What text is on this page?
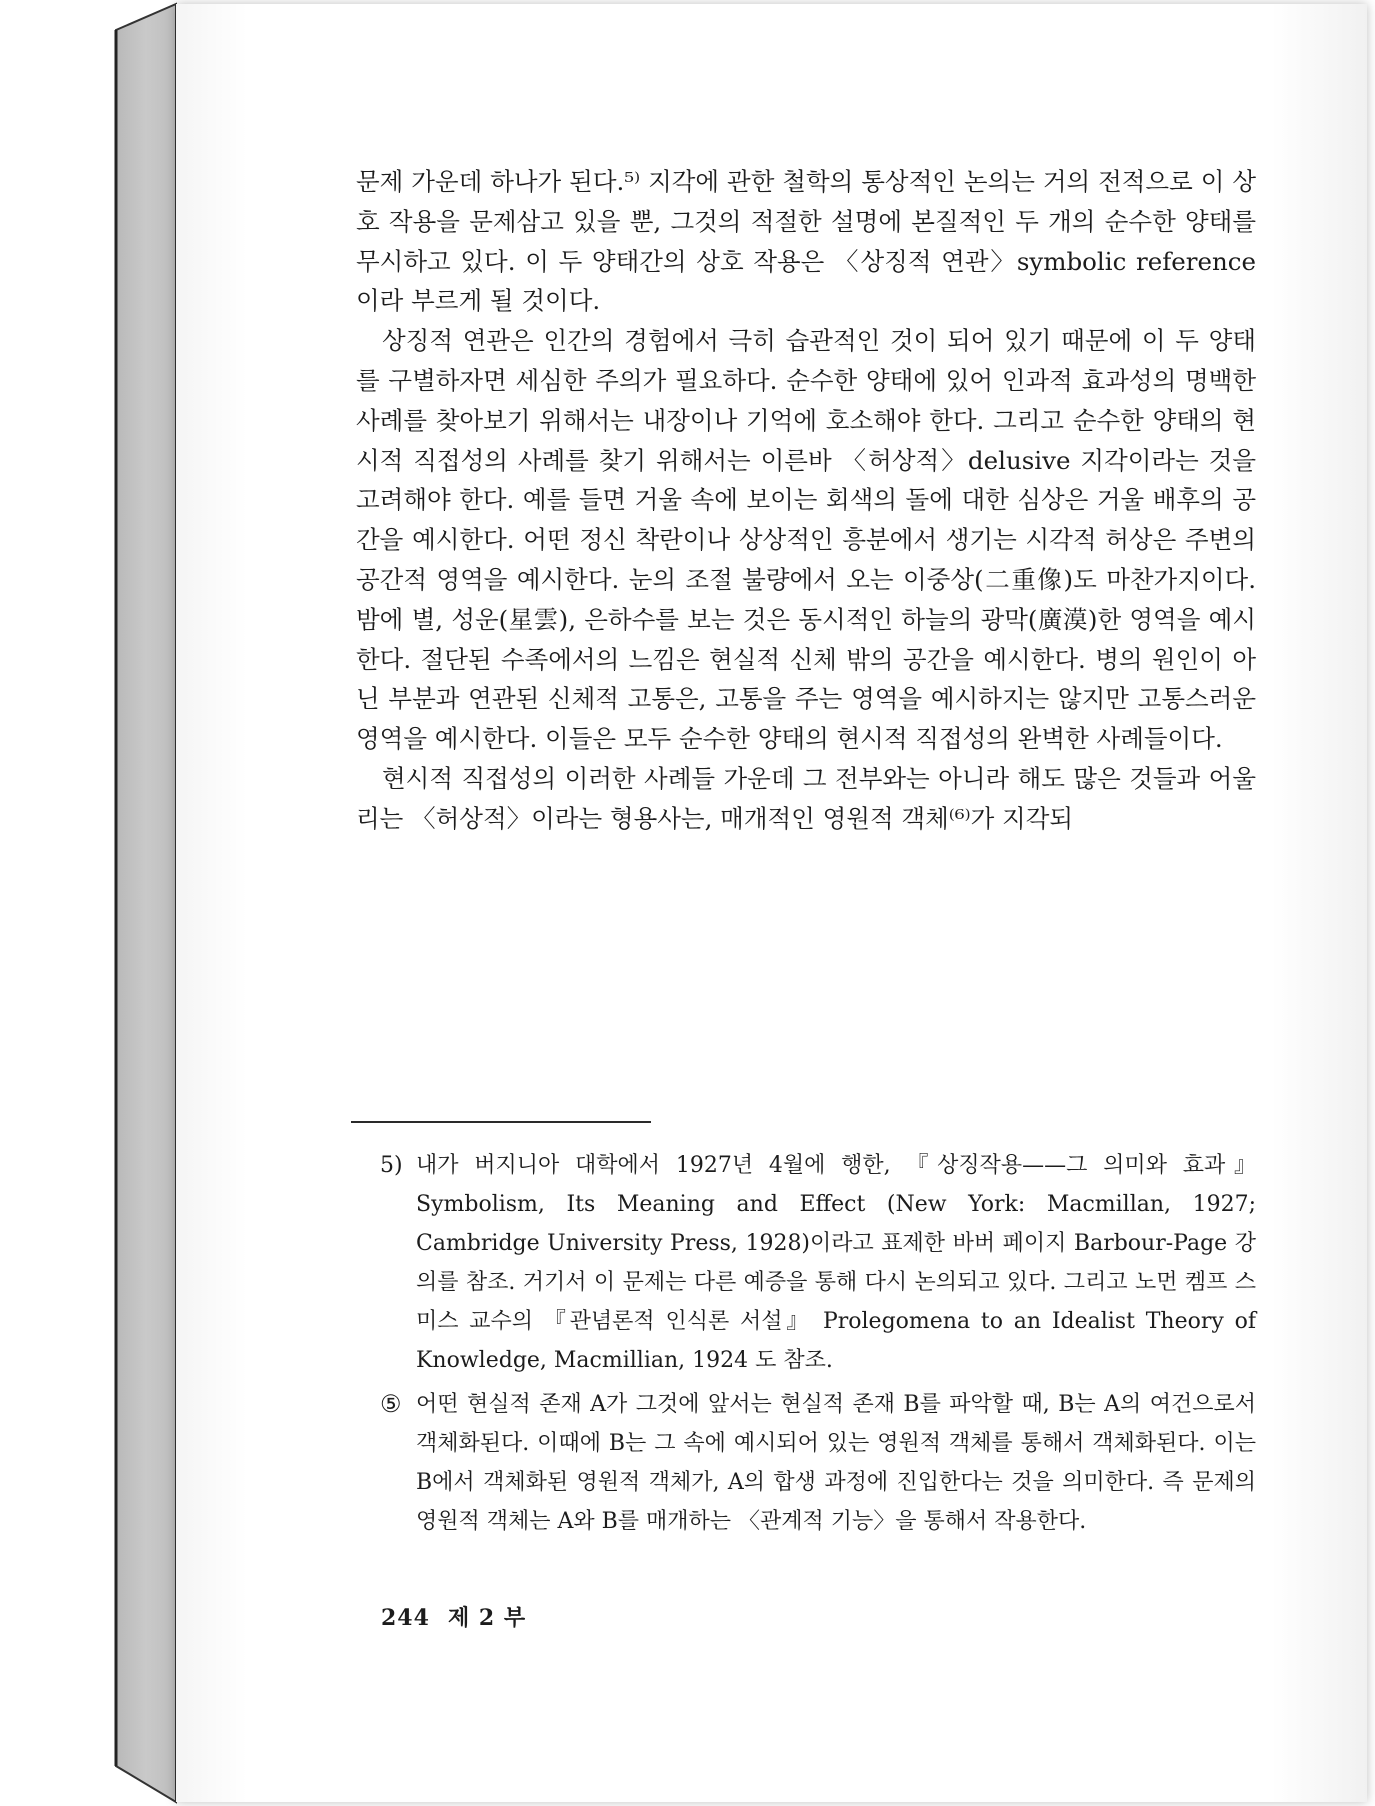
문제 가운데 하나가 된다.⁵⁾ 지각에 관한 철학의 통상적인 논의는 거의 전적으로 이 상호 작용을 문제삼고 있을 뿐, 그것의 적절한 설명에 본질적인 두 개의 순수한 양태를 무시하고 있다. 이 두 양태간의 상호 작용은 〈상징적 연관〉symbolic reference 이라 부르게 될 것이다.

상징적 연관은 인간의 경험에서 극히 습관적인 것이 되어 있기 때문에 이 두 양태를 구별하자면 세심한 주의가 필요하다. 순수한 양태에 있어 인과적 효과성의 명백한 사례를 찾아보기 위해서는 내장이나 기억에 호소해야 한다. 그리고 순수한 양태의 현시적 직접성의 사례를 찾기 위해서는 이른바 〈허상적〉delusive 지각이라는 것을 고려해야 한다. 예를 들면 거울 속에 보이는 회색의 돌에 대한 심상은 거울 배후의 공간을 예시한다. 어떤 정신 착란이나 상상적인 흥분에서 생기는 시각적 허상은 주변의 공간적 영역을 예시한다. 눈의 조절 불량에서 오는 이중상(二重像)도 마찬가지이다. 밤에 별, 성운(星雲), 은하수를 보는 것은 동시적인 하늘의 광막(廣漠)한 영역을 예시한다. 절단된 수족에서의 느낌은 현실적 신체 밖의 공간을 예시한다. 병의 원인이 아닌 부분과 연관된 신체적 고통은, 고통을 주는 영역을 예시하지는 않지만 고통스러운 영역을 예시한다. 이들은 모두 순수한 양태의 현시적 직접성의 완벽한 사례들이다.

현시적 직접성의 이러한 사례들 가운데 그 전부와는 아니라 해도 많은 것들과 어울리는 〈허상적〉이라는 형용사는, 매개적인 영원적 객체⁽⁶⁾가 지각되

5) 내가 버지니아 대학에서 1927년 4월에 행한, 『상징작용——그 의미와 효과』 Symbolism, Its Meaning and Effect (New York: Macmillan, 1927; Cambridge University Press, 1928)이라고 표제한 바버 페이지 Barbour-Page 강의를 참조. 거기서 이 문제는 다른 예증을 통해 다시 논의되고 있다. 그리고 노먼 켐프 스미스 교수의 『관념론적 인식론 서설』 Prolegomena to an Idealist Theory of Knowledge, Macmillian, 1924 도 참조.
⑤ 어떤 현실적 존재 A가 그것에 앞서는 현실적 존재 B를 파악할 때, B는 A의 여건으로서 객체화된다. 이때에 B는 그 속에 예시되어 있는 영원적 객체를 통해서 객체화된다. 이는 B에서 객체화된 영원적 객체가, A의 합생 과정에 진입한다는 것을 의미한다. 즉 문제의 영원적 객체는 A와 B를 매개하는 〈관계적 기능〉을 통해서 작용한다.
244 제 2 부
